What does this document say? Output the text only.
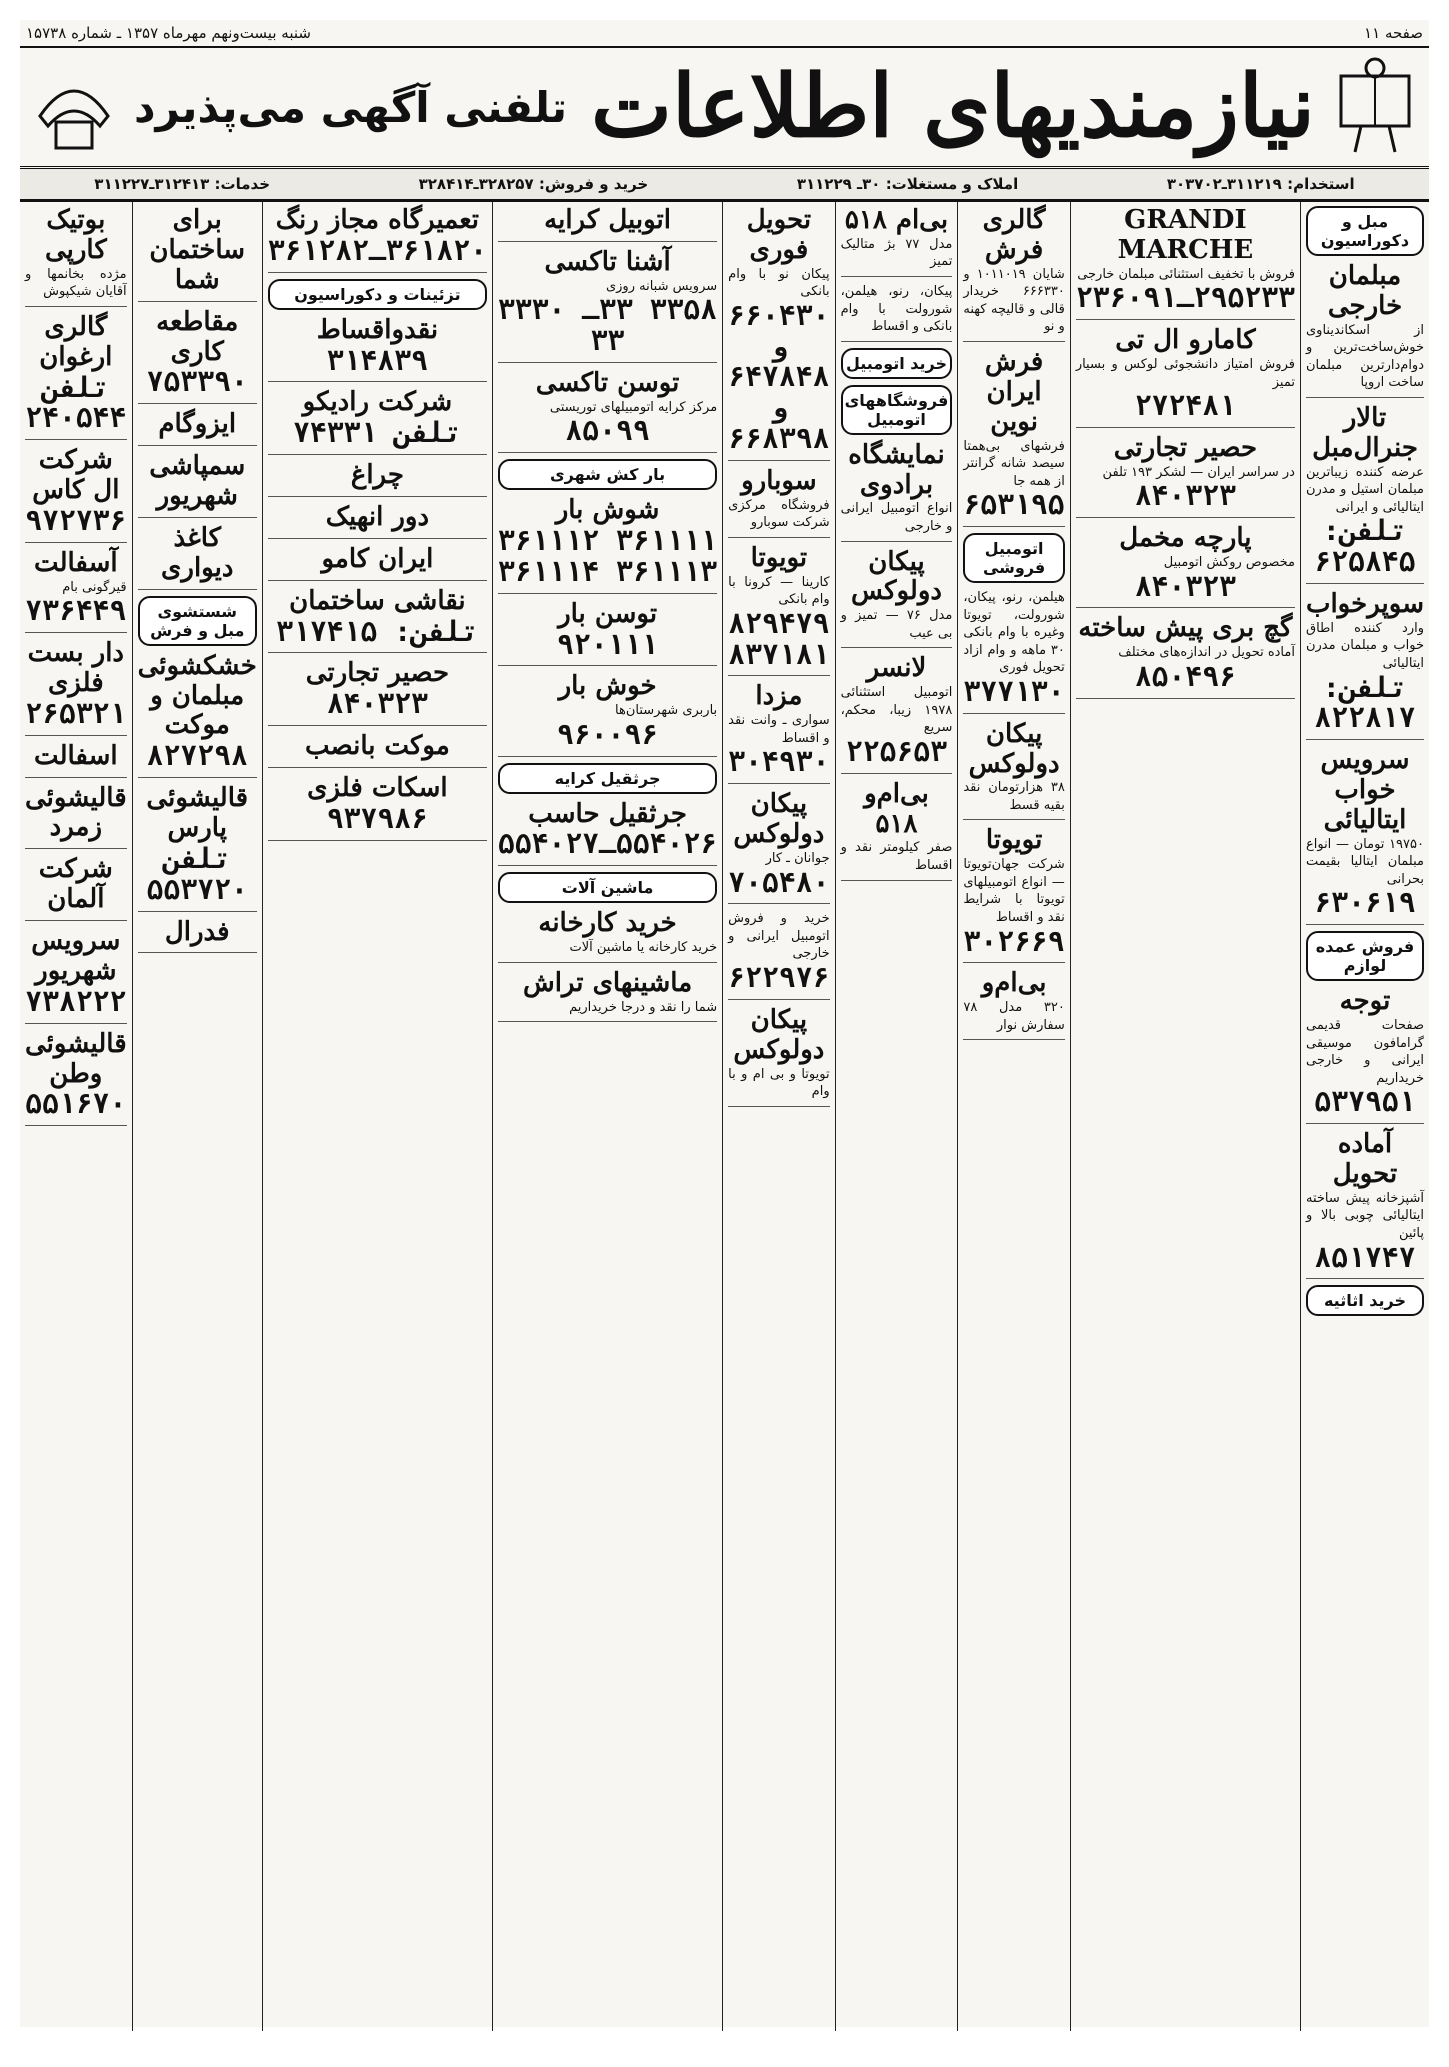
صفحه ۱۱
شنبه بیست‌ونهم مهرماه ۱۳۵۷ ـ شماره ۱۵۷۳۸
نیازمندیهای اطلاعات
تلفنی آگهی می‌پذیرد
استخدام: ۳۱۱۲۱۹ـ۳۰۳۷۰۲
املاک و مستغلات: ۳۰ـ ۳۱۱۲۲۹
خرید و فروش: ۳۲۸۲۵۷ـ۳۲۸۴۱۴
خدمات: ۳۱۲۴۱۳ـ۳۱۱۲۲۷
مبل و دکوراسیون
مبلمان خارجی
از اسکاندیناوی خوش‌ساخت‌ترین و دوام‌دارترین مبلمان ساخت اروپا
تالار جنرال‌مبل
عرضه کننده زیباترین مبلمان استیل و مدرن ایتالیائی و ایرانی
تلفن: ۶۲۵۸۴۵
سوپرخواب
وارد کننده اطاق خواب و مبلمان مدرن ایتالیائی
تلفن: ۸۲۲۸۱۷
سرویس خواب ایتالیائی
۱۹۷۵۰ تومان — انواع مبلمان ایتالیا بقیمت بحرانی
۶۳۰۶۱۹
فروش عمده لوازم
توجه
صفحات قدیمی گرامافون موسیقی ایرانی و خارجی خریداریم
۵۳۷۹۵۱
آماده تحویل
آشپزخانه پیش ساخته ایتالیائی چوبی بالا و پائین
۸۵۱۷۴۷
خرید اثاثیه
GRANDI MARCHE
فروش با تخفیف استثنائی مبلمان خارجی
۲۹۵۲۳۳ـ۲۳۶۰۹۱
کامارو ال تی
فروش امتیاز دانشجوئی لوکس و بسیار تمیز
۲۷۲۴۸۱
حصیر تجارتی
در سراسر ایران — لشکر ۱۹۳ تلفن
۸۴۰۳۲۳
پارچه مخمل
مخصوص روکش اتومبیل
۸۴۰۳۲۳
گچ بری پیش ساخته
آماده تحویل در اندازه‌های مختلف
۸۵۰۴۹۶
گالری فرش
شایان ۱۰۱۱۰۱۹ و ۶۶۶۳۳۰ خریدار قالی و قالیچه کهنه و نو
فرش ایران نوین
فرشهای بی‌همتا سیصد شانه گرانتر از همه جا
۶۵۳۱۹۵
اتومبیل فروشی
هیلمن، رنو، پیکان، شورولت، تویوتا وغیره با وام بانکی ۳۰ ماهه و وام ازاد تحویل فوری
۳۷۷۱۳۰
پیکان دولوکس
۳۸ هزارتومان نقد بقیه قسط
تویوتا
شرکت جهان‌تویوتا — انواع اتومبیلهای تویوتا با شرایط نقد و اقساط
۳۰۲۶۶۹
بی‌ام‌و
۳۲۰ مدل ۷۸ سفارش نوار
بی‌ام ۵۱۸
مدل ۷۷ بژ متالیک تمیز
پیکان، رنو، هیلمن، شورولت با وام بانکی و اقساط
خرید اتومبیل
فروشگاههای اتومبیل
نمایشگاه برادوی
انواع اتومبیل ایرانی و خارجی
پیکان دولوکس
مدل ۷۶ — تمیز و بی عیب
لانسر
اتومبیل استثنائی ۱۹۷۸ زیبا، محکم، سریع
۲۲۵۶۵۳
بی‌ام‌و ۵۱۸
صفر کیلومتر نقد و اقساط
تحویل فوری
پیکان نو با وام بانکی
۶۶۰۴۳۰ و ۶۴۷۸۴۸ و ۶۶۸۳۹۸
سوبارو
فروشگاه مرکزی شرکت سوبارو
تویوتا
کارینا — کرونا با وام بانکی
۸۲۹۴۷۹ ۸۳۷۱۸۱
مزدا
سواری ـ وانت نقد و اقساط
۳۰۴۹۳۰
پیکان دولوکس
جوانان ـ کار
۷۰۵۴۸۰
خرید و فروش اتومبیل ایرانی و خارجی
۶۲۲۹۷۶
پیکان دولوکس
تویوتا و بی ام و با وام
اتوبیل کرایه
آشنا تاکسی
سرویس شبانه روزی
۳۳۵۸ ۳۳ـ ۳۳۳۰ ۳۳
توسن تاکسی
مرکز کرایه اتومبیلهای توریستی
۸۵۰۹۹
بار کش شهری
شوش بار
۳۶۱۱۱۱ ۳۶۱۱۱۲ ۳۶۱۱۱۳ ۳۶۱۱۱۴
توسن بار
۹۲۰۱۱۱
خوش بار
باربری شهرستان‌ها
۹۶۰۰۹۶
جرثقیل کرایه
جرثقیل حاسب
۵۵۴۰۲۶ـ۵۵۴۰۲۷
ماشین آلات
خرید کارخانه
خرید کارخانه یا ماشین آلات
ماشینهای تراش
شما را نقد و درجا خریداریم
تعمیرگاه مجاز رنگ
۳۶۱۸۲۰ـ۳۶۱۲۸۲
تزئینات و دکوراسیون
نقدواقساط
۳۱۴۸۳۹
شرکت رادیکو
تلفن ۷۴۳۳۱
چراغ
دور انهیک
ایران کامو
نقاشی ساختمان
تلفن: ۳۱۷۴۱۵
حصیر تجارتی
۸۴۰۳۲۳
موکت بانصب
اسکات فلزی
۹۳۷۹۸۶
برای ساختمان شما
مقاطعه کاری
۷۵۳۳۹۰
ایزوگام
سمپاشی شهریور
کاغذ دیواری
شستشوی مبل و فرش
خشکشوئی مبلمان و موکت
۸۲۷۲۹۸
قالیشوئی پارس
تلفن ۵۵۳۷۲۰
فدرال
بوتیک کارپی
مژده بخانمها و آقایان شیکپوش
گالری ارغوان
تلفن ۲۴۰۵۴۴
شرکت ال کاس
۹۷۲۷۳۶
آسفالت
قیرگونی بام
۷۳۶۴۴۹
دار بست فلزی
۲۶۵۳۲۱
اسفالت
قالیشوئی زمرد
شرکت آلمان
سرویس شهریور
۷۳۸۲۲۲
قالیشوئی وطن
۵۵۱۶۷۰
